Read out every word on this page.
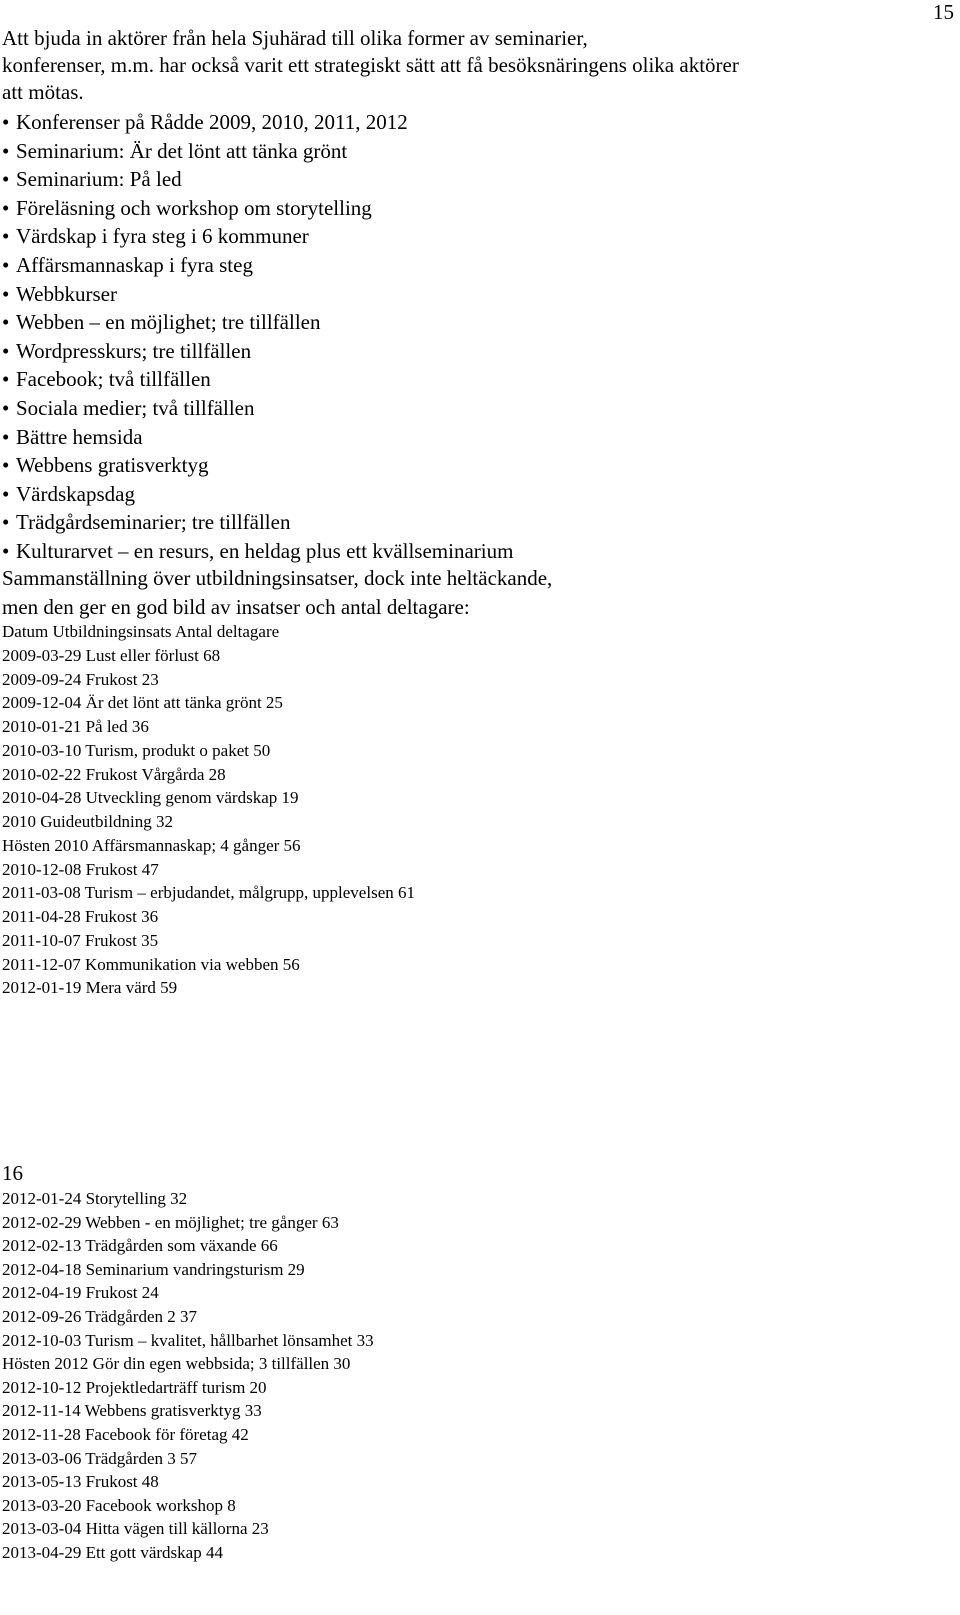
15
Att bjuda in aktörer från hela Sjuhärad till olika former av seminarier,
konferenser, m.m. har också varit ett strategiskt sätt att få besöksnäringens olika aktörer
att mötas.
• Konferenser på Rådde 2009, 2010, 2011, 2012
• Seminarium: Är det lönt att tänka grönt
• Seminarium: På led
• Föreläsning och workshop om storytelling
• Värdskap i fyra steg i 6 kommuner
• Affärsmannaskap i fyra steg
• Webbkurser
• Webben – en möjlighet; tre tillfällen
• Wordpresskurs; tre tillfällen
• Facebook; två tillfällen
• Sociala medier; två tillfällen
• Bättre hemsida
• Webbens gratisverktyg
• Värdskapsdag
• Trädgårdseminarier; tre tillfällen
• Kulturarvet – en resurs, en heldag plus ett kvällseminarium
Sammanställning över utbildningsinsatser, dock inte heltäckande,
men den ger en god bild av insatser och antal deltagare:
Datum Utbildningsinsats Antal deltagare
2009-03-29 Lust eller förlust 68
2009-09-24 Frukost 23
2009-12-04 Är det lönt att tänka grönt 25
2010-01-21 På led 36
2010-03-10 Turism, produkt o paket 50
2010-02-22 Frukost Vårgårda 28
2010-04-28 Utveckling genom värdskap 19
2010 Guideutbildning 32
Hösten 2010 Affärsmannaskap; 4 gånger 56
2010-12-08 Frukost 47
2011-03-08 Turism – erbjudandet, målgrupp, upplevelsen 61
2011-04-28 Frukost 36
2011-10-07 Frukost 35
2011-12-07 Kommunikation via webben 56
2012-01-19 Mera värd 59
16
2012-01-24 Storytelling 32
2012-02-29 Webben - en möjlighet; tre gånger 63
2012-02-13 Trädgården som växande 66
2012-04-18 Seminarium vandringsturism 29
2012-04-19 Frukost 24
2012-09-26 Trädgården 2 37
2012-10-03 Turism – kvalitet, hållbarhet lönsamhet 33
Hösten 2012 Gör din egen webbsida; 3 tillfällen 30
2012-10-12 Projektledarträff turism 20
2012-11-14 Webbens gratisverktyg 33
2012-11-28 Facebook för företag 42
2013-03-06 Trädgården 3 57
2013-05-13 Frukost 48
2013-03-20 Facebook workshop 8
2013-03-04 Hitta vägen till källorna 23
2013-04-29 Ett gott värdskap 44
